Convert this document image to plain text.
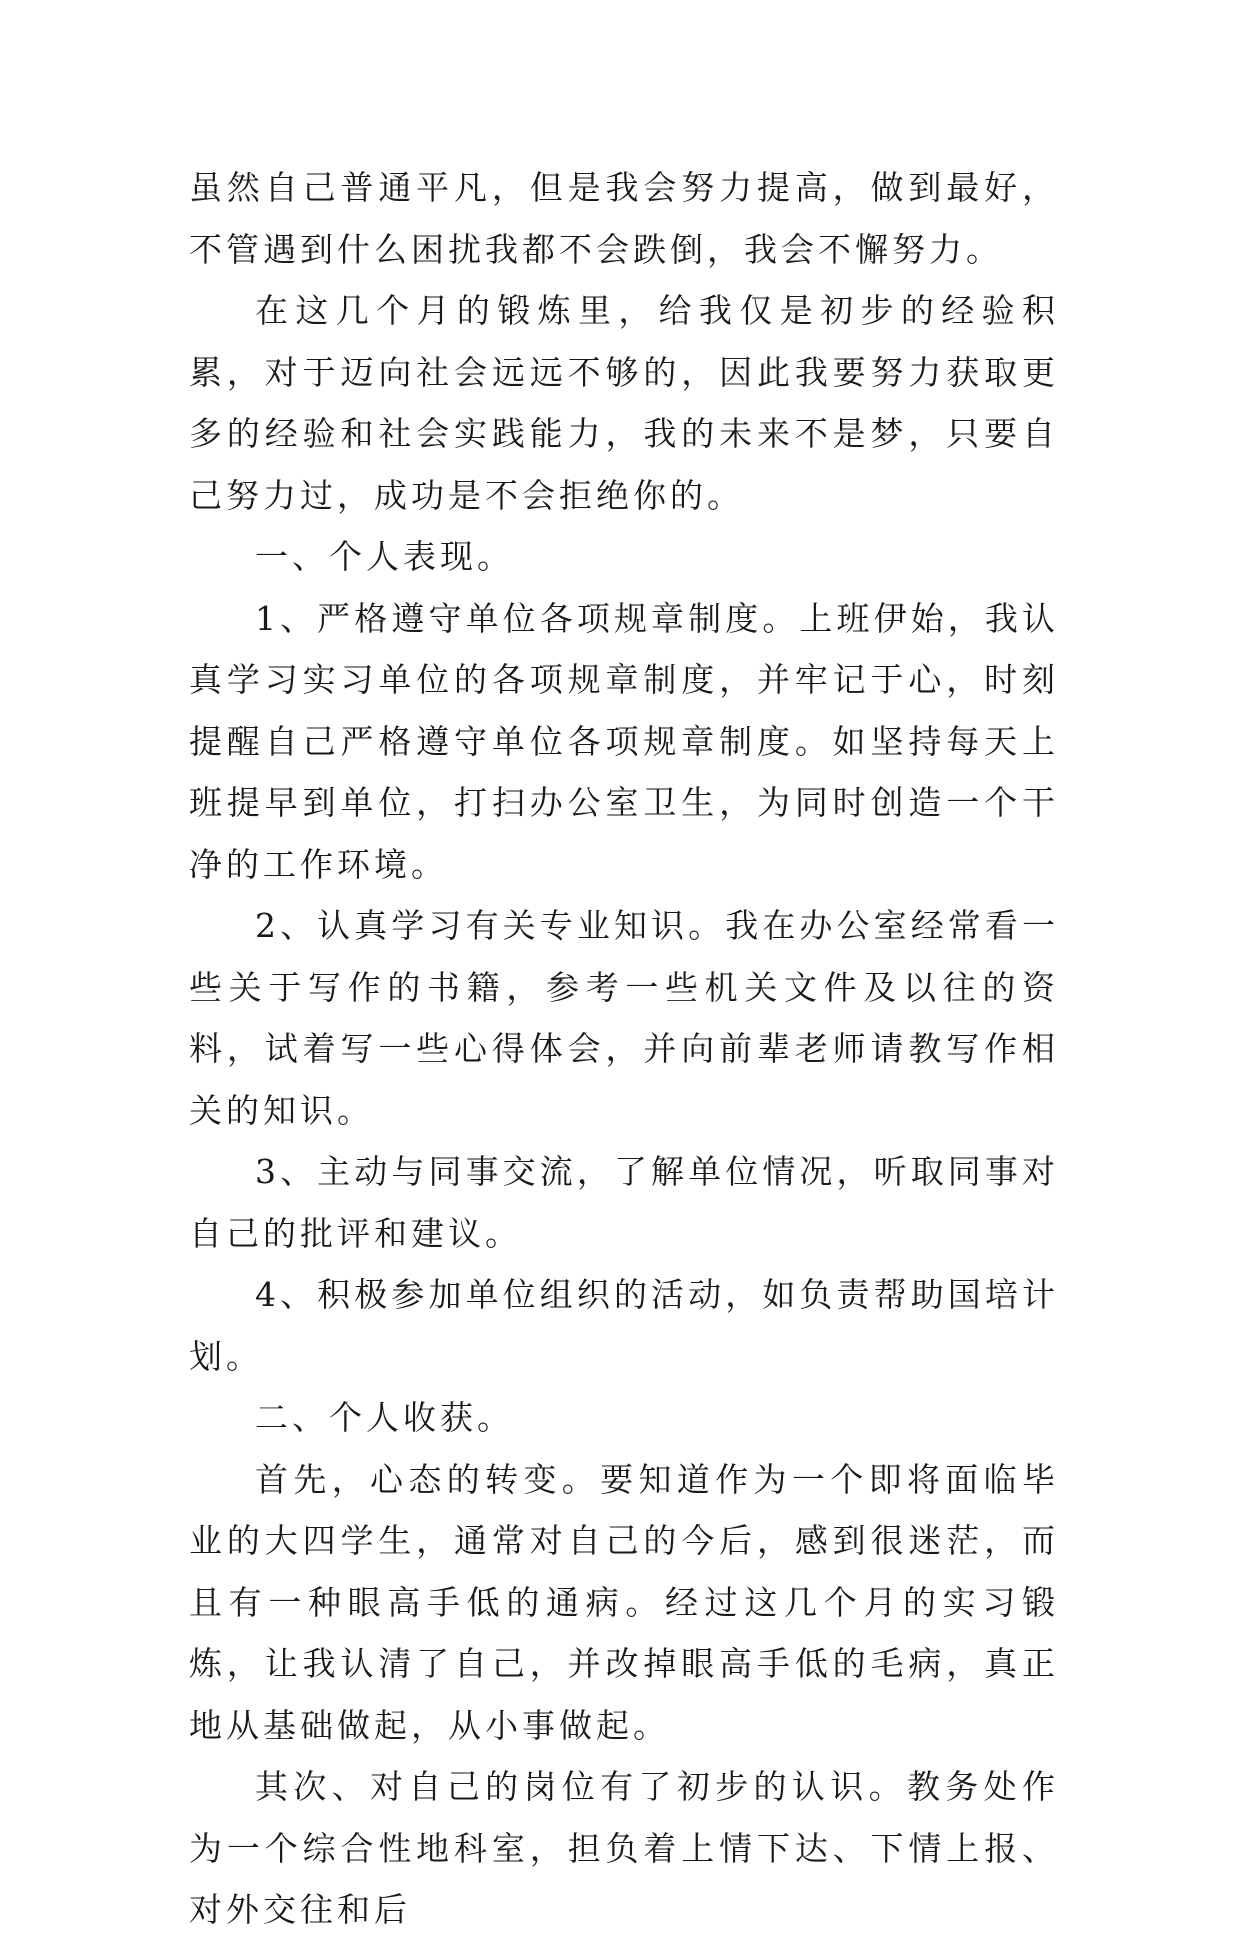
虽然自己普通平凡，但是我会努力提高，做到最好，不管遇到什么困扰我都不会跌倒，我会不懈努力。

在这几个月的锻炼里，给我仅是初步的经验积累，对于迈向社会远远不够的，因此我要努力获取更多的经验和社会实践能力，我的未来不是梦，只要自己努力过，成功是不会拒绝你的。

一、个人表现。

1、严格遵守单位各项规章制度。上班伊始，我认真学习实习单位的各项规章制度，并牢记于心，时刻提醒自己严格遵守单位各项规章制度。如坚持每天上班提早到单位，打扫办公室卫生，为同时创造一个干净的工作环境。

2、认真学习有关专业知识。我在办公室经常看一些关于写作的书籍，参考一些机关文件及以往的资料，试着写一些心得体会，并向前辈老师请教写作相关的知识。

3、主动与同事交流，了解单位情况，听取同事对自己的批评和建议。

4、积极参加单位组织的活动，如负责帮助国培计划。

二、个人收获。

首先，心态的转变。要知道作为一个即将面临毕业的大四学生，通常对自己的今后，感到很迷茫，而且有一种眼高手低的通病。经过这几个月的实习锻炼，让我认清了自己，并改掉眼高手低的毛病，真正地从基础做起，从小事做起。

其次、对自己的岗位有了初步的认识。教务处作为一个综合性地科室，担负着上情下达、下情上报、对外交往和后
